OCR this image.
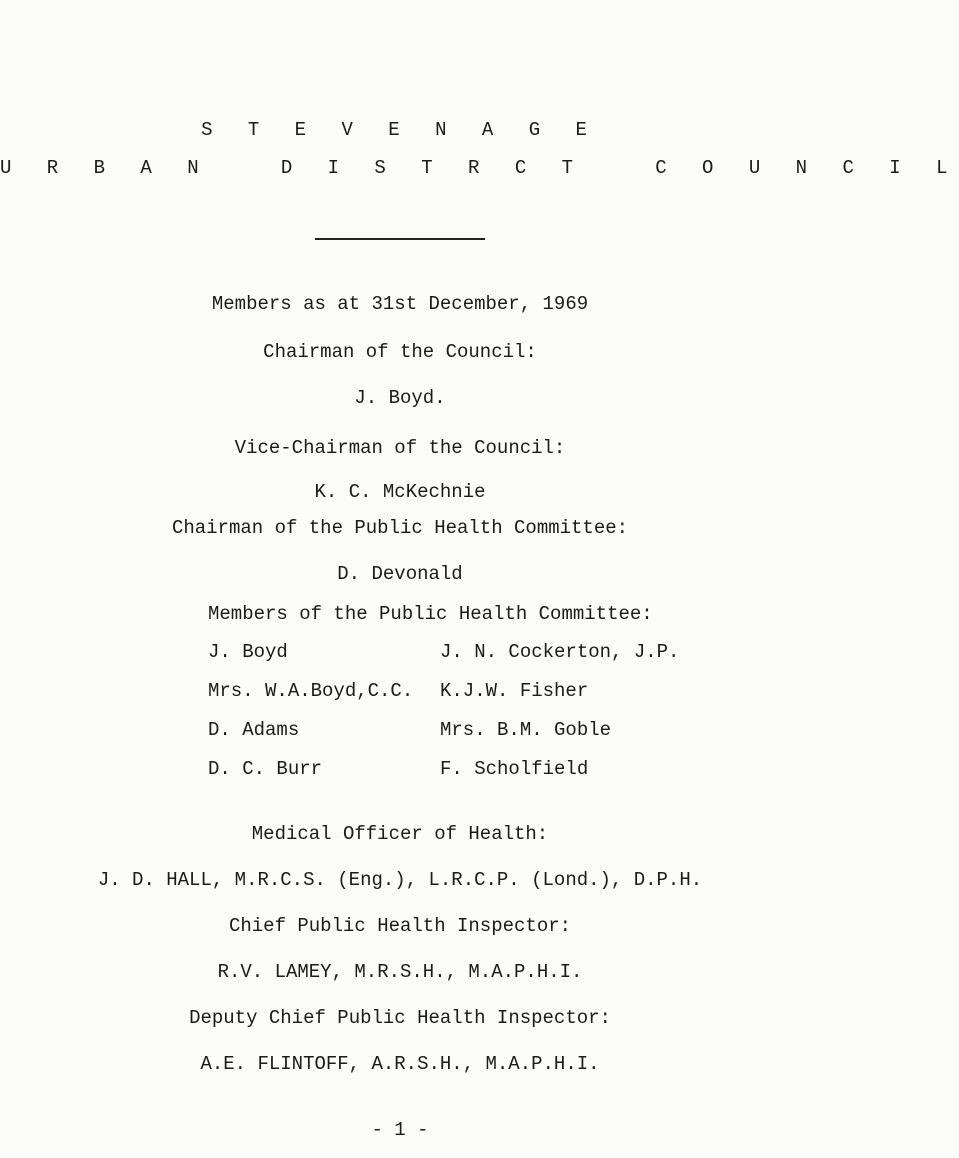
S T E V E N A G E
U R B A N   D I S T R C T   C O U N C I L
Members as at 31st December, 1969
Chairman of the Council:
J. Boyd.
Vice-Chairman of the Council:
K. C. McKechnie
Chairman of the Public Health Committee:
D. Devonald
Members of the Public Health Committee:
J. Boyd	J. N. Cockerton, J.P.
Mrs. W.A.Boyd,C.C.	K.J.W. Fisher
D. Adams	Mrs. B.M. Goble
D. C. Burr	F. Scholfield
Medical Officer of Health:
J. D. HALL, M.R.C.S. (Eng.), L.R.C.P. (Lond.), D.P.H.
Chief Public Health Inspector:
R.V. LAMEY, M.R.S.H., M.A.P.H.I.
Deputy Chief Public Health Inspector:
A.E. FLINTOFF, A.R.S.H., M.A.P.H.I.
- 1 -
